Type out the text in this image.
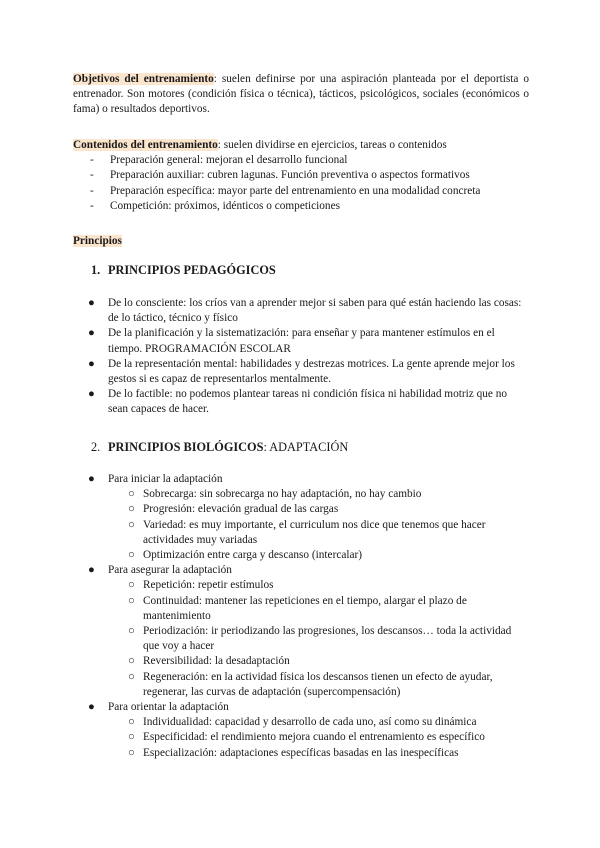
Objetivos del entrenamiento: suelen definirse por una aspiración planteada por el deportista o entrenador. Son motores (condición física o técnica), tácticos, psicológicos, sociales (económicos o fama) o resultados deportivos.

Contenidos del entrenamiento: suelen dividirse en ejercicios, tareas o contenidos

- Preparación general: mejoran el desarrollo funcional
- Preparación auxiliar: cubren lagunas. Función preventiva o aspectos formativos
- Preparación específica: mayor parte del entrenamiento en una modalidad concreta
- Competición: próximos, idénticos o competiciones
Principios

1. PRINCIPIOS PEDAGÓGICOS

● De lo consciente: los críos van a aprender mejor si saben para qué están haciendo las cosas: de lo táctico, técnico y físico

● De la planificación y la sistematización: para enseñar y para mantener estímulos en el tiempo. PROGRAMACIÓN ESCOLAR

● De la representación mental: habilidades y destrezas motrices. La gente aprende mejor los gestos si es capaz de representarlos mentalmente.

● De lo factible: no podemos plantear tareas ni condición física ni habilidad motriz que no sean capaces de hacer.

2. PRINCIPIOS BIOLÓGICOS: ADAPTACIÓN

● Para iniciar la adaptación

○ Sobrecarga: sin sobrecarga no hay adaptación, no hay cambio

○ Progresión: elevación gradual de las cargas

○ Variedad: es muy importante, el curriculum nos dice que tenemos que hacer actividades muy variadas

○ Optimización entre carga y descanso (intercalar)

● Para asegurar la adaptación

○ Repetición: repetir estímulos

○ Continuidad: mantener las repeticiones en el tiempo, alargar el plazo de mantenimiento

○ Periodización: ir periodizando las progresiones, los descansos… toda la actividad que voy a hacer

○ Reversibilidad: la desadaptación

○ Regeneración: en la actividad física los descansos tienen un efecto de ayudar, regenerar, las curvas de adaptación (supercompensación)

● Para orientar la adaptación

○ Individualidad: capacidad y desarrollo de cada uno, así como su dinámica

○ Especificidad: el rendimiento mejora cuando el entrenamiento es específico

○ Especialización: adaptaciones específicas basadas en las inespecíficas
